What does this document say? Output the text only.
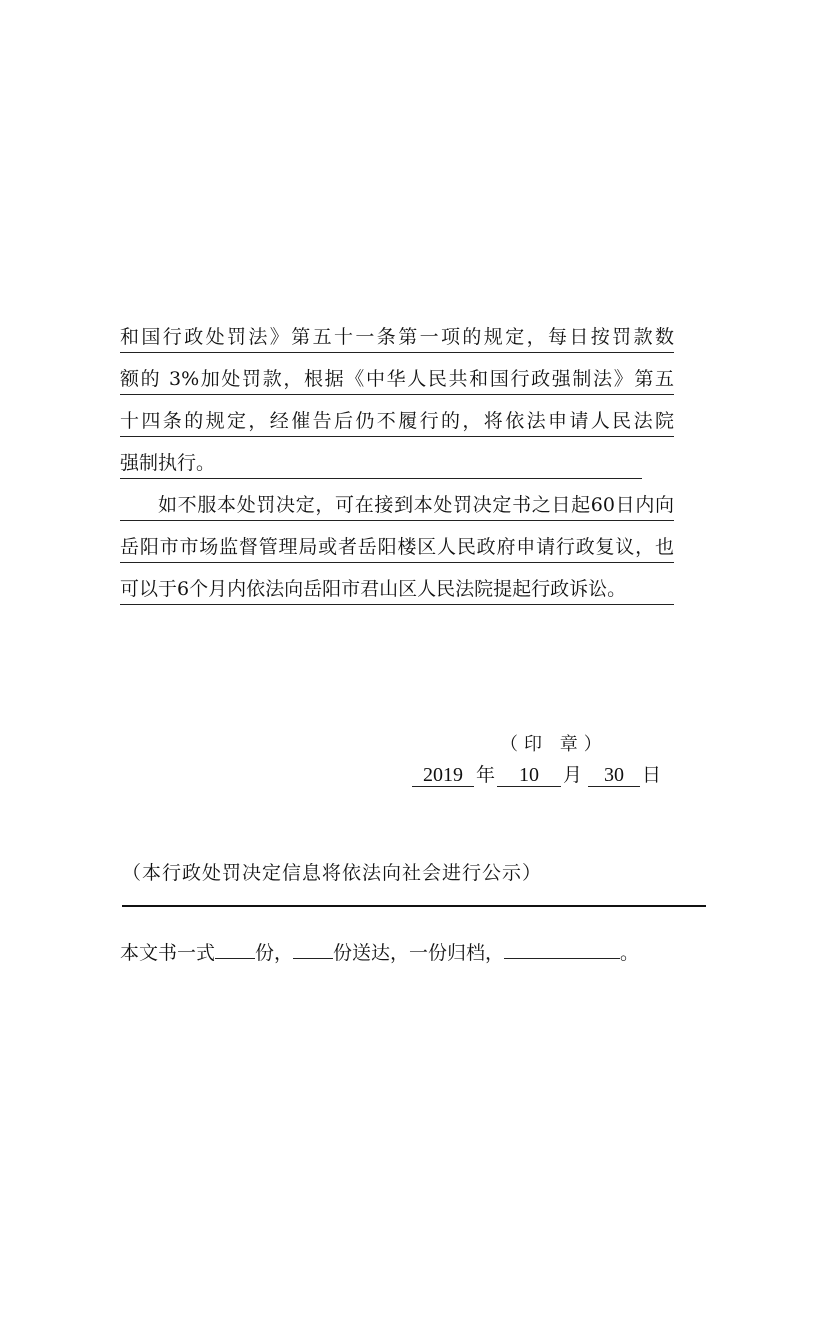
和国行政处罚法》第五十一条第一项的规定，每日按罚款数
额的 3%加处罚款，根据《中华人民共和国行政强制法》第五
十四条的规定，经催告后仍不履行的，将依法申请人民法院
强制执行。
如不服本处罚决定，可在接到本处罚决定书之日起60日内向
岳阳市市场监督管理局或者岳阳楼区人民政府申请行政复议，也
可以于6个月内依法向岳阳市君山区人民法院提起行政诉讼。
（印 章）
2019 年 10 月 30 日
（本行政处罚决定信息将依法向社会进行公示）
本文书一式 份， 份送达，一份归档，	。
